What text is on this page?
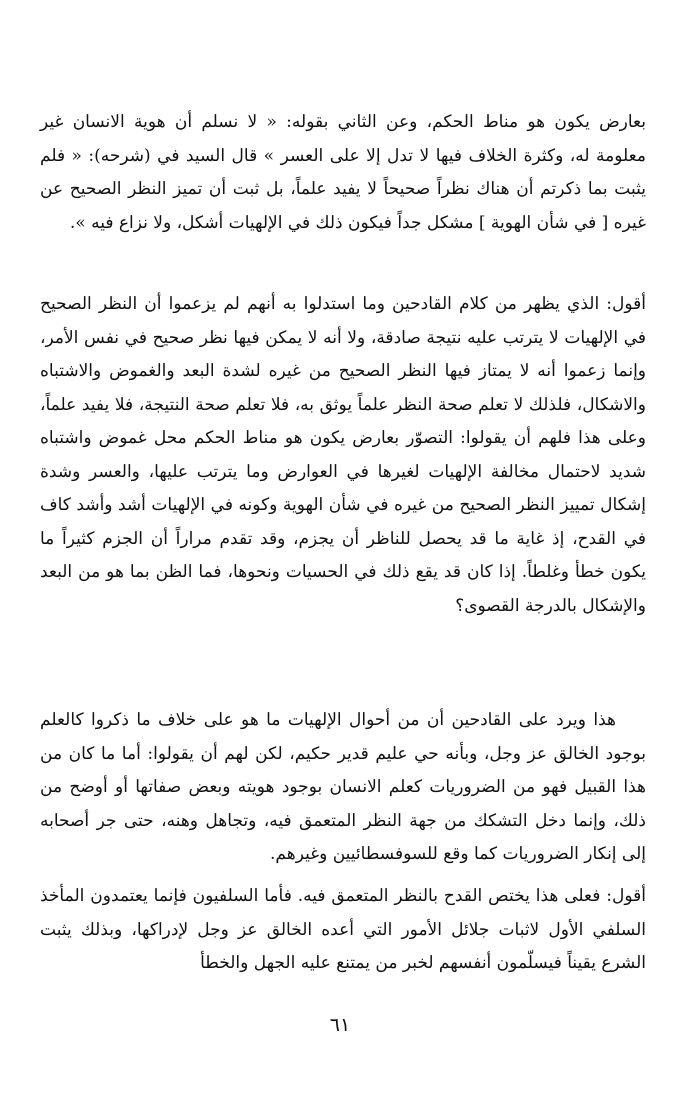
بعارض يكون هو مناط الحكم، وعن الثاني بقوله: « لا نسلم أن هوية الانسان غير معلومة له، وكثرة الخلاف فيها لا تدل إلا على العسر » قال السيد في (شرحه): « فلم يثبت بما ذكرتم أن هناك نظراً صحيحاً لا يفيد علماً، بل ثبت أن تميز النظر الصحيح عن غيره [ في شأن الهوية ] مشكل جداً فيكون ذلك في الإلهيات أشكل، ولا نزاع فيه ».

أقول: الذي يظهر من كلام القادحين وما استدلوا به أنهم لم يزعموا أن النظر الصحيح في الإلهيات لا يترتب عليه نتيجة صادقة، ولا أنه لا يمكن فيها نظر صحيح في نفس الأمر، وإنما زعموا أنه لا يمتاز فيها النظر الصحيح من غيره لشدة البعد والغموض والاشتباه والاشكال، فلذلك لا تعلم صحة النظر علماً يوثق به، فلا تعلم صحة النتيجة، فلا يفيد علماً، وعلى هذا فلهم أن يقولوا: التصوّر بعارض يكون هو مناط الحكم محل غموض واشتباه شديد لاحتمال مخالفة الإلهيات لغيرها في العوارض وما يترتب عليها، والعسر وشدة إشكال تمييز النظر الصحيح من غيره في شأن الهوية وكونه في الإلهيات أشد وأشد كاف في القدح، إذ غاية ما قد يحصل للناظر أن يجزم، وقد تقدم مراراً أن الجزم كثيراً ما يكون خطأ وغلطاً. إذا كان قد يقع ذلك في الحسيات ونحوها، فما الظن بما هو من البعد والإشكال بالدرجة القصوى؟

هذا ويرد على القادحين أن من أحوال الإلهيات ما هو على خلاف ما ذكروا كالعلم بوجود الخالق عز وجل، وبأنه حي عليم قدير حكيم، لكن لهم أن يقولوا: أما ما كان من هذا القبيل فهو من الضروريات كعلم الانسان بوجود هويته وبعض صفاتها أو أوضح من ذلك، وإنما دخل التشكك من جهة النظر المتعمق فيه، وتجاهل وهنه، حتى جر أصحابه إلى إنكار الضروريات كما وقع للسوفسطائيين وغيرهم.

أقول: فعلى هذا يختص القدح بالنظر المتعمق فيه. فأما السلفيون فإنما يعتمدون المأخذ السلفي الأول لاثبات جلائل الأمور التي أعده الخالق عز وجل لإدراكها، وبذلك يثبت الشرع يقيناً فيسلّمون أنفسهم لخبر من يمتنع عليه الجهل والخطأ

٦١
